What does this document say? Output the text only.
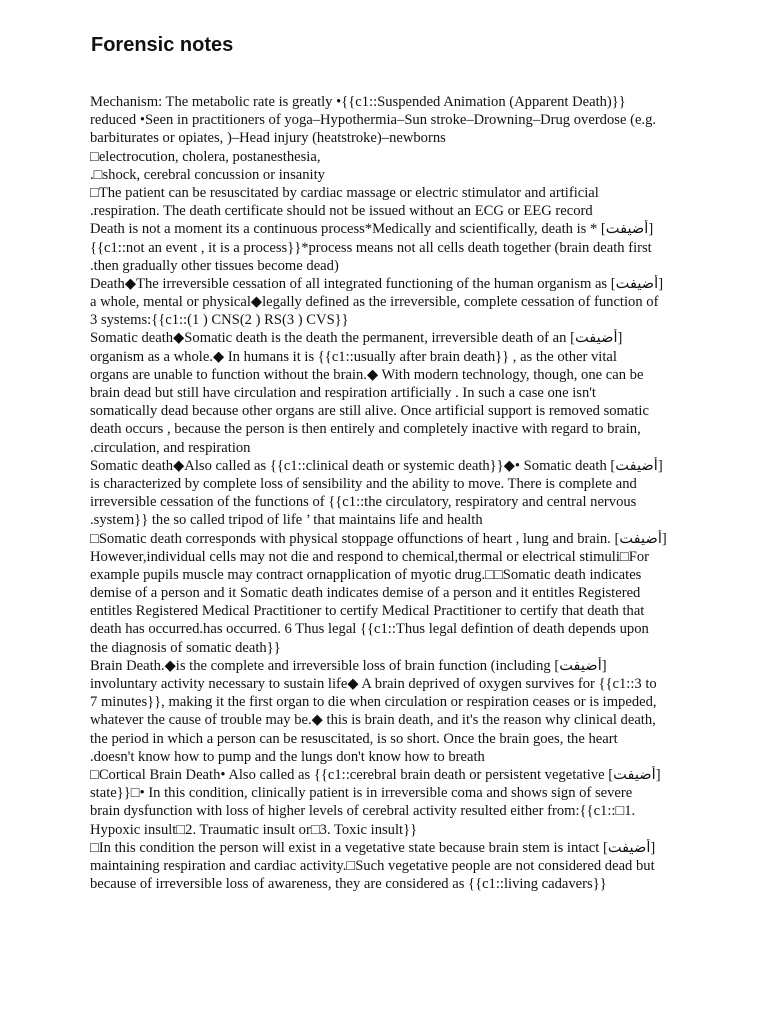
Forensic notes
Mechanism: The metabolic rate is greatly •{{c1::Suspended Animation (Apparent Death)}}
reduced •Seen in practitioners of yoga–Hypothermia–Sun stroke–Drowning–Drug overdose (e.g.
barbiturates or opiates, )–Head injury (heatstroke)–newborns
□electrocution, cholera, postanesthesia,
.□shock, cerebral concussion or insanity
□The patient can be resuscitated by cardiac massage or electric stimulator and artificial
.respiration. The death certificate should not be issued without an ECG or EEG record
Death is not a moment its a continuous process*Medically and scientifically, death is * [أضيفت]
{{c1::not an event , it is a process}}*process means not all cells death together (brain death first
.then gradually other tissues become dead)
Death◆The irreversible cessation of all integrated functioning of the human organism as [أضيفت]
a whole, mental or physical◆legally defined as the irreversible, complete cessation of function of
3 systems:{{c1::(1 ) CNS(2 ) RS(3 ) CVS}}
Somatic death◆Somatic death is the death the permanent, irreversible death of an [أضيفت]
organism as a whole.◆ In humans it is {{c1::usually after brain death}} , as the other vital
organs are unable to function without the brain.◆ With modern technology, though, one can be
brain dead but still have circulation and respiration artificially . In such a case one isn't
somatically dead because other organs are still alive. Once artificial support is removed somatic
death occurs , because the person is then entirely and completely inactive with regard to brain,
.circulation, and respiration
Somatic death◆Also called as {{c1::clinical death or systemic death}}◆• Somatic death [أضيفت]
is characterized by complete loss of sensibility and the ability to move. There is complete and
irreversible cessation of the functions of {{c1::the circulatory, respiratory and central nervous
.system}} the so called tripod of life ’ that maintains life and health
□Somatic death corresponds with physical stoppage offunctions of heart , lung and brain. [أضيفت]
However,individual cells may not die and respond to chemical,thermal or electrical stimuli□For
example pupils muscle may contract ornapplication of myotic drug.□□Somatic death indicates
demise of a person and it Somatic death indicates demise of a person and it entitles Registered
entitles Registered Medical Practitioner to certify Medical Practitioner to certify that death that
death has occurred.has occurred. 6 Thus legal {{c1::Thus legal defintion of death depends upon
the diagnosis of somatic death}}
Brain Death.◆is the complete and irreversible loss of brain function (including [أضيفت]
involuntary activity necessary to sustain life◆ A brain deprived of oxygen survives for {{c1::3 to
7 minutes}}, making it the first organ to die when circulation or respiration ceases or is impeded,
whatever the cause of trouble may be.◆ this is brain death, and it's the reason why clinical death,
the period in which a person can be resuscitated, is so short. Once the brain goes, the heart
.doesn't know how to pump and the lungs don't know how to breath
□Cortical Brain Death• Also called as {{c1::cerebral brain death or persistent vegetative [أضيفت]
state}}□• In this condition, clinically patient is in irreversible coma and shows sign of severe
brain dysfunction with loss of higher levels of cerebral activity resulted either from:{{c1::□1.
Hypoxic insult□2. Traumatic insult or□3. Toxic insult}}
□In this condition the person will exist in a vegetative state because brain stem is intact [أضيفت]
maintaining respiration and cardiac activity.□Such vegetative people are not considered dead but
because of irreversible loss of awareness, they are considered as {{c1::living cadavers}}
